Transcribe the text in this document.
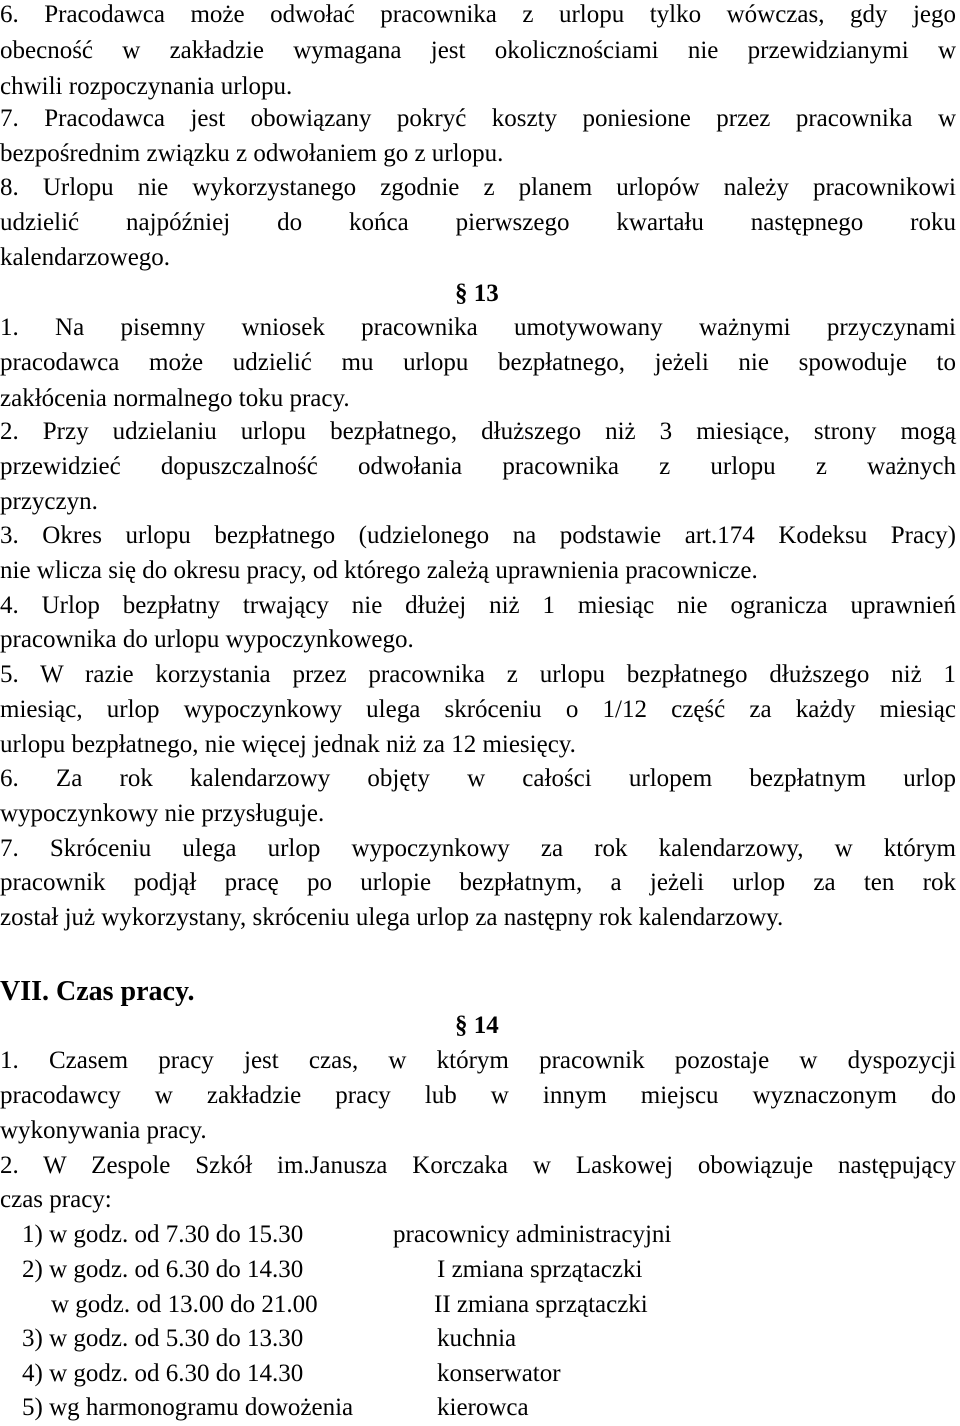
6. Pracodawca może odwołać pracownika z urlopu tylko wówczas, gdy jego
obecność w zakładzie wymagana jest okolicznościami nie przewidzianymi w
chwili rozpoczynania urlopu.
7. Pracodawca jest obowiązany pokryć koszty poniesione przez pracownika w
bezpośrednim związku z odwołaniem go z urlopu.
8. Urlopu nie wykorzystanego zgodnie z planem urlopów należy pracownikowi
udzielić najpóźniej do końca pierwszego kwartału następnego roku
kalendarzowego.
§ 13
1. Na pisemny wniosek pracownika umotywowany ważnymi przyczynami
pracodawca może udzielić mu urlopu bezpłatnego, jeżeli nie spowoduje to
zakłócenia normalnego toku pracy.
2. Przy udzielaniu urlopu bezpłatnego, dłuższego niż 3 miesiące, strony mogą
przewidzieć dopuszczalność odwołania pracownika z urlopu z ważnych
przyczyn.
3. Okres urlopu bezpłatnego (udzielonego na podstawie art.174 Kodeksu Pracy)
nie wlicza się do okresu pracy, od którego zależą uprawnienia pracownicze.
4. Urlop bezpłatny trwający nie dłużej niż 1 miesiąc nie ogranicza uprawnień
pracownika do urlopu wypoczynkowego.
5. W razie korzystania przez pracownika z urlopu bezpłatnego dłuższego niż 1
miesiąc, urlop wypoczynkowy ulega skróceniu o 1/12 część za każdy miesiąc
urlopu bezpłatnego, nie więcej jednak niż za 12 miesięcy.
6. Za rok kalendarzowy objęty w całości urlopem bezpłatnym urlop
wypoczynkowy nie przysługuje.
7. Skróceniu ulega urlop wypoczynkowy za rok kalendarzowy, w którym
pracownik podjął pracę po urlopie bezpłatnym, a jeżeli urlop za ten rok
został już wykorzystany, skróceniu ulega urlop za następny rok kalendarzowy.
VII. Czas pracy.
§ 14
1. Czasem pracy jest czas, w którym pracownik pozostaje w dyspozycji
pracodawcy w zakładzie pracy lub w innym miejscu wyznaczonym do
wykonywania pracy.
2. W Zespole Szkół im.Janusza Korczaka w Laskowej obowiązuje następujący
czas pracy:
1) w godz. od 7.30 do 15.30	pracownicy administracyjni
2) w godz. od 6.30 do 14.30	I zmiana sprzątaczki
w godz. od 13.00 do 21.00	II zmiana sprzątaczki
3) w godz. od 5.30 do 13.30	kuchnia
4) w godz. od 6.30 do 14.30	konserwator
5) wg harmonogramu dowożenia	kierowca
